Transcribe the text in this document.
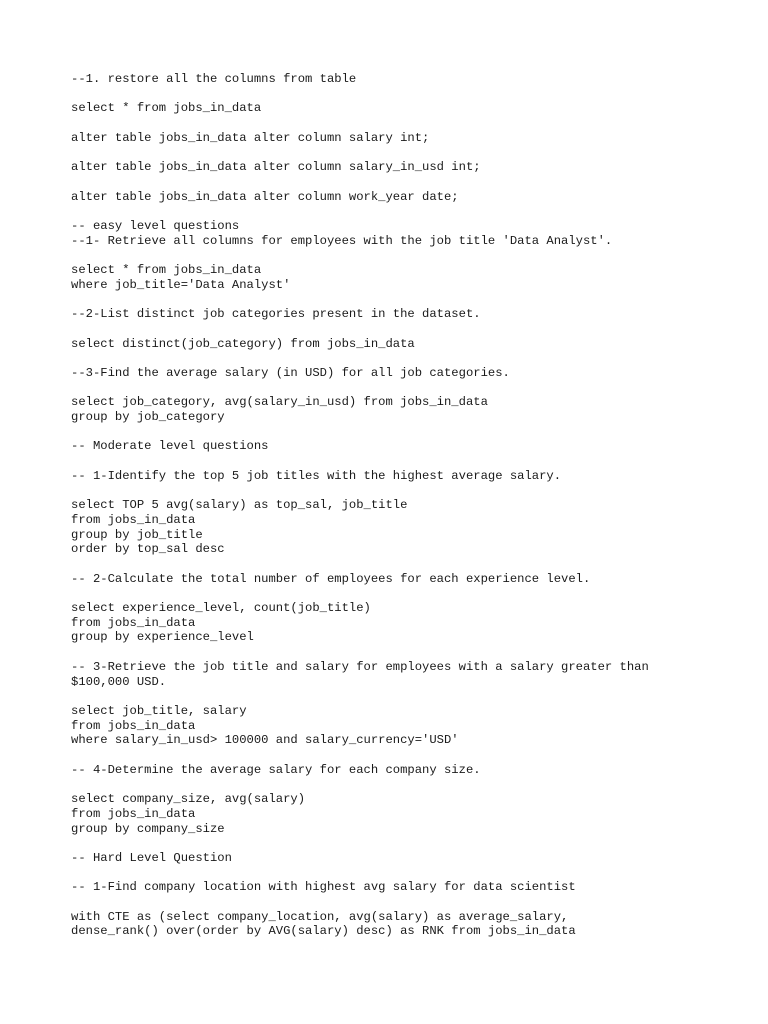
--1. restore all the columns from table
select * from jobs_in_data
alter table jobs_in_data alter column salary int;
alter table jobs_in_data alter column salary_in_usd int;
alter table jobs_in_data alter column work_year date;
-- easy level questions
--1- Retrieve all columns for employees with the job title 'Data Analyst'.
select * from jobs_in_data
where job_title='Data Analyst'
--2-List distinct job categories present in the dataset.
select distinct(job_category) from jobs_in_data
--3-Find the average salary (in USD) for all job categories.
select job_category, avg(salary_in_usd) from jobs_in_data
group by job_category
-- Moderate level questions
-- 1-Identify the top 5 job titles with the highest average salary.
select TOP 5 avg(salary) as top_sal, job_title
from jobs_in_data
group by job_title
order by top_sal desc
-- 2-Calculate the total number of employees for each experience level.
select experience_level, count(job_title)
from jobs_in_data
group by experience_level
-- 3-Retrieve the job title and salary for employees with a salary greater than
$100,000 USD.
select job_title, salary
from jobs_in_data
where salary_in_usd> 100000 and salary_currency='USD'
-- 4-Determine the average salary for each company size.
select company_size, avg(salary)
from jobs_in_data
group by company_size
-- Hard Level Question
-- 1-Find company location with highest avg salary for data scientist
with CTE as (select company_location, avg(salary) as average_salary,
dense_rank() over(order by AVG(salary) desc) as RNK from jobs_in_data
